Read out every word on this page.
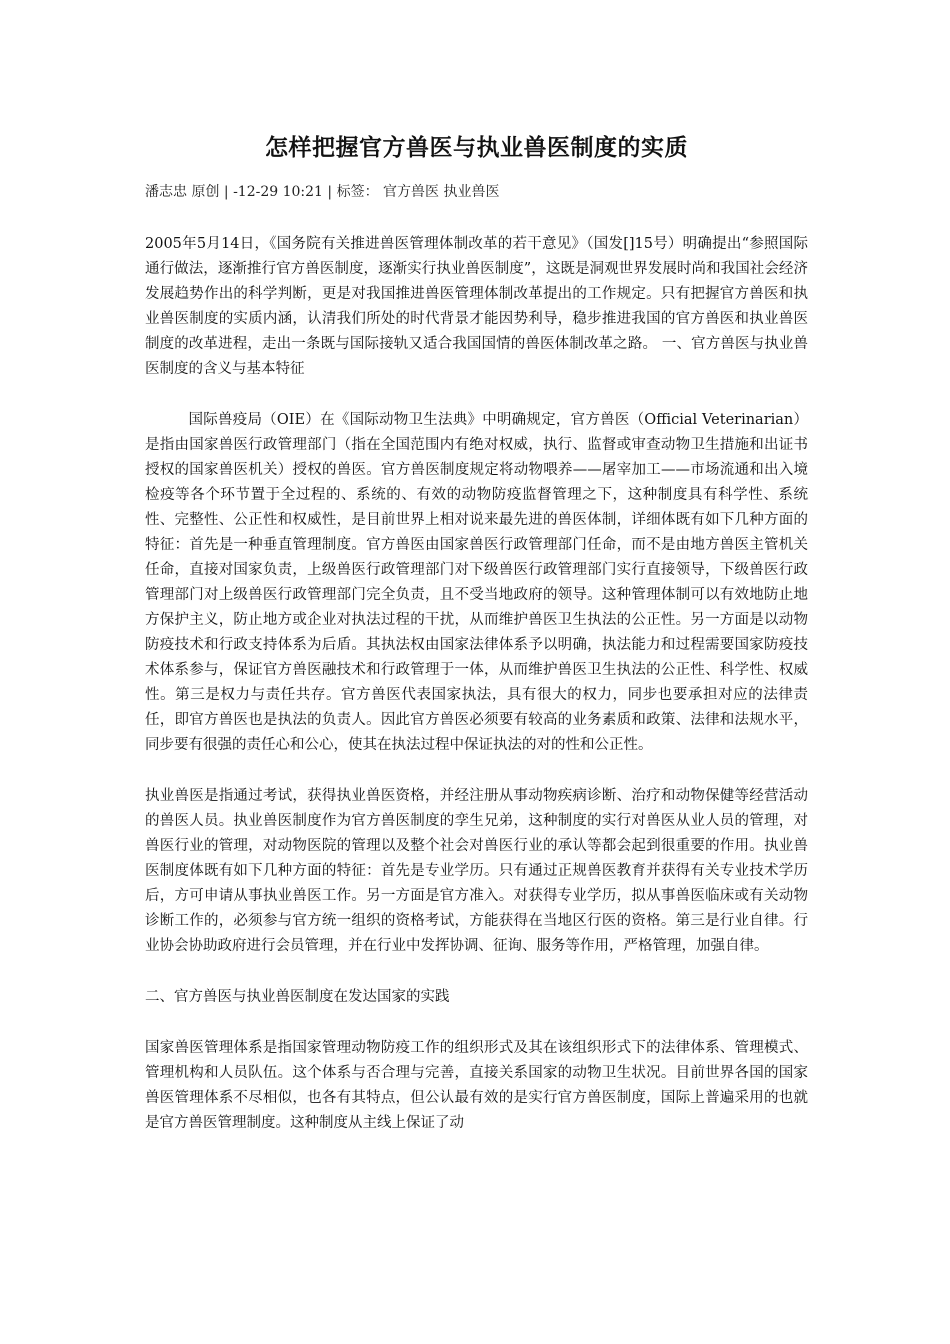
怎样把握官方兽医与执业兽医制度的实质
潘志忠 原创 | -12-29 10:21 | 标签： 官方兽医 执业兽医

2005年5月14日，《国务院有关推进兽医管理体制改革的若干意见》（国发[]15号）明确提出“参照国际通行做法，逐渐推行官方兽医制度，逐渐实行执业兽医制度”，这既是洞观世界发展时尚和我国社会经济发展趋势作出的科学判断，更是对我国推进兽医管理体制改革提出的工作规定。只有把握官方兽医和执业兽医制度的实质内涵，认清我们所处的时代背景才能因势利导，稳步推进我国的官方兽医和执业兽医制度的改革进程，走出一条既与国际接轨又适合我国国情的兽医体制改革之路。 一、官方兽医与执业兽医制度的含义与基本特征

国际兽疫局（OIE）在《国际动物卫生法典》中明确规定，官方兽医（Official Veterinarian）是指由国家兽医行政管理部门（指在全国范围内有绝对权威，执行、监督或审查动物卫生措施和出证书授权的国家兽医机关）授权的兽医。官方兽医制度规定将动物喂养——屠宰加工——市场流通和出入境检疫等各个环节置于全过程的、系统的、有效的动物防疫监督管理之下，这种制度具有科学性、系统性、完整性、公正性和权威性，是目前世界上相对说来最先进的兽医体制，详细体既有如下几种方面的特征：首先是一种垂直管理制度。官方兽医由国家兽医行政管理部门任命，而不是由地方兽医主管机关任命，直接对国家负责，上级兽医行政管理部门对下级兽医行政管理部门实行直接领导，下级兽医行政管理部门对上级兽医行政管理部门完全负责，且不受当地政府的领导。这种管理体制可以有效地防止地方保护主义，防止地方或企业对执法过程的干扰，从而维护兽医卫生执法的公正性。另一方面是以动物防疫技术和行政支持体系为后盾。其执法权由国家法律体系予以明确，执法能力和过程需要国家防疫技术体系参与，保证官方兽医融技术和行政管理于一体，从而维护兽医卫生执法的公正性、科学性、权威性。第三是权力与责任共存。官方兽医代表国家执法，具有很大的权力，同步也要承担对应的法律责任，即官方兽医也是执法的负责人。因此官方兽医必须要有较高的业务素质和政策、法律和法规水平，同步要有很强的责任心和公心，使其在执法过程中保证执法的对的性和公正性。

执业兽医是指通过考试，获得执业兽医资格，并经注册从事动物疾病诊断、治疗和动物保健等经营活动的兽医人员。执业兽医制度作为官方兽医制度的孪生兄弟，这种制度的实行对兽医从业人员的管理，对兽医行业的管理，对动物医院的管理以及整个社会对兽医行业的承认等都会起到很重要的作用。执业兽医制度体既有如下几种方面的特征：首先是专业学历。只有通过正规兽医教育并获得有关专业技术学历后，方可申请从事执业兽医工作。另一方面是官方准入。对获得专业学历，拟从事兽医临床或有关动物诊断工作的，必须参与官方统一组织的资格考试，方能获得在当地区行医的资格。第三是行业自律。行业协会协助政府进行会员管理，并在行业中发挥协调、征询、服务等作用，严格管理，加强自律。

二、官方兽医与执业兽医制度在发达国家的实践

国家兽医管理体系是指国家管理动物防疫工作的组织形式及其在该组织形式下的法律体系、管理模式、管理机构和人员队伍。这个体系与否合理与完善，直接关系国家的动物卫生状况。目前世界各国的国家兽医管理体系不尽相似，也各有其特点，但公认最有效的是实行官方兽医制度，国际上普遍采用的也就是官方兽医管理制度。这种制度从主线上保证了动
